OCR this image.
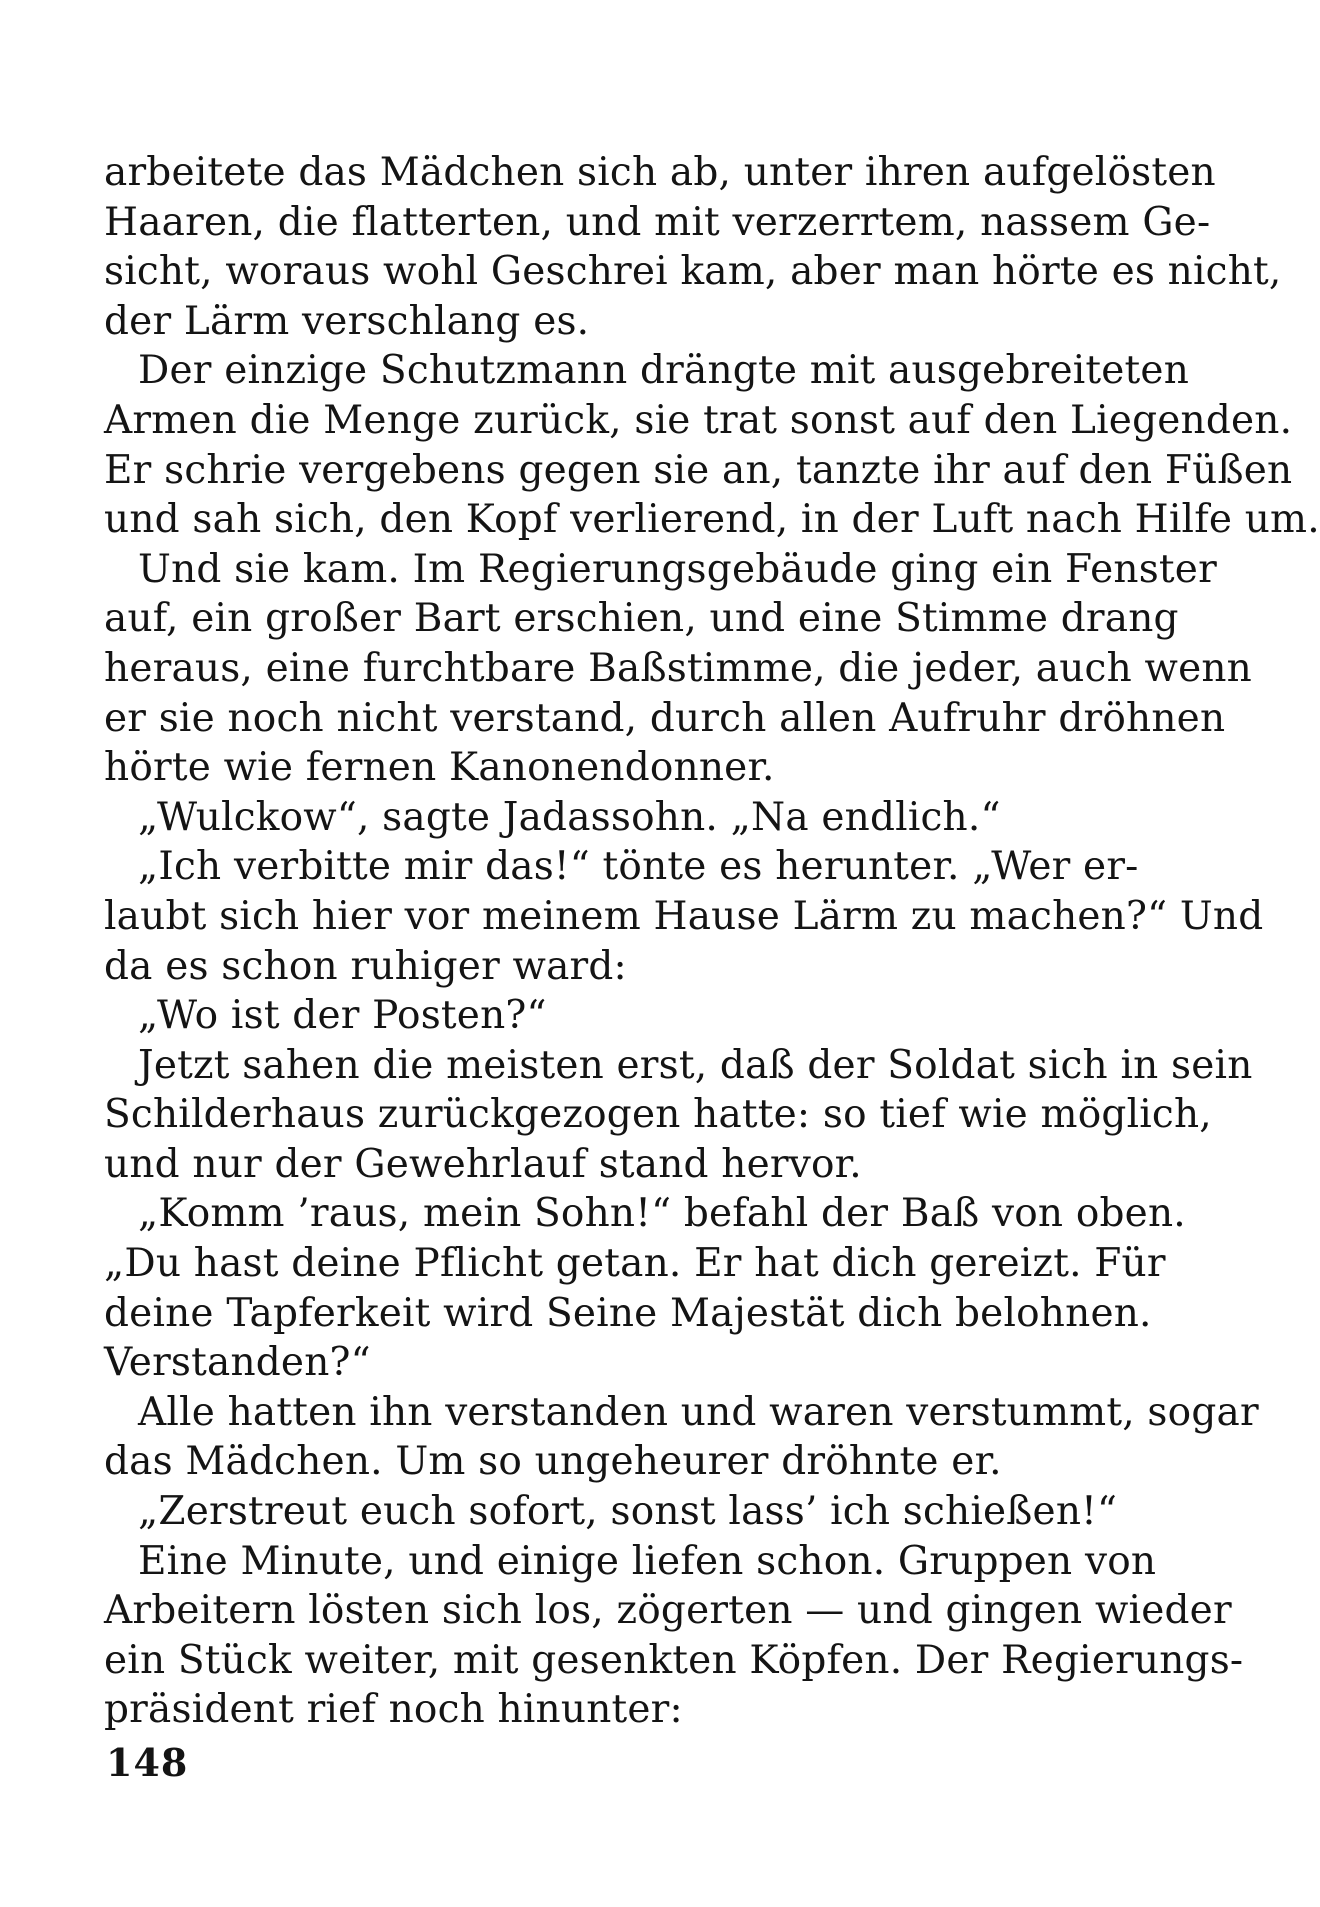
arbeitete das Mädchen sich ab, unter ihren aufgelösten
Haaren, die flatterten, und mit verzerrtem, nassem Ge-
sicht, woraus wohl Geschrei kam, aber man hörte es nicht,
der Lärm verschlang es.
Der einzige Schutzmann drängte mit ausgebreiteten
Armen die Menge zurück, sie trat sonst auf den Liegenden.
Er schrie vergebens gegen sie an, tanzte ihr auf den Füßen
und sah sich, den Kopf verlierend, in der Luft nach Hilfe um.
Und sie kam. Im Regierungsgebäude ging ein Fenster
auf, ein großer Bart erschien, und eine Stimme drang
heraus, eine furchtbare Baßstimme, die jeder, auch wenn
er sie noch nicht verstand, durch allen Aufruhr dröhnen
hörte wie fernen Kanonendonner.
„Wulckow“, sagte Jadassohn. „Na endlich.“
„Ich verbitte mir das!“ tönte es herunter. „Wer er-
laubt sich hier vor meinem Hause Lärm zu machen?“ Und
da es schon ruhiger ward:
„Wo ist der Posten?“
Jetzt sahen die meisten erst, daß der Soldat sich in sein
Schilderhaus zurückgezogen hatte: so tief wie möglich,
und nur der Gewehrlauf stand hervor.
„Komm ’raus, mein Sohn!“ befahl der Baß von oben.
„Du hast deine Pflicht getan. Er hat dich gereizt. Für
deine Tapferkeit wird Seine Majestät dich belohnen.
Verstanden?“
Alle hatten ihn verstanden und waren verstummt, sogar
das Mädchen. Um so ungeheurer dröhnte er.
„Zerstreut euch sofort, sonst lass’ ich schießen!“
Eine Minute, und einige liefen schon. Gruppen von
Arbeitern lösten sich los, zögerten — und gingen wieder
ein Stück weiter, mit gesenkten Köpfen. Der Regierungs-
präsident rief noch hinunter:
148
